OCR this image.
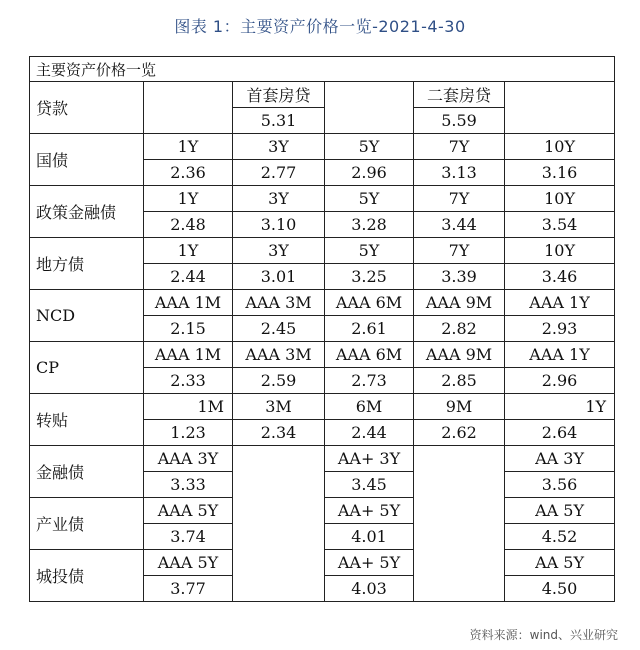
图表 1：主要资产价格一览-2021-4-30
主要资产价格一览					
贷款		首套房贷		二套房贷	
		5.31		5.59	
国债	1Y	3Y	5Y	7Y	10Y
	2.36	2.77	2.96	3.13	3.16
政策金融债	1Y	3Y	5Y	7Y	10Y
	2.48	3.10	3.28	3.44	3.54
地方债	1Y	3Y	5Y	7Y	10Y
	2.44	3.01	3.25	3.39	3.46
NCD	AAA 1M	AAA 3M	AAA 6M	AAA 9M	AAA 1Y
	2.15	2.45	2.61	2.82	2.93
CP	AAA 1M	AAA 3M	AAA 6M	AAA 9M	AAA 1Y
	2.33	2.59	2.73	2.85	2.96
转贴	1M	3M	6M	9M	1Y
	1.23	2.34	2.44	2.62	2.64
金融债	AAA 3Y		AA+ 3Y		AA 3Y
	3.33		3.45		3.56
产业债	AAA 5Y		AA+ 5Y		AA 5Y
	3.74		4.01		4.52
城投债	AAA 5Y		AA+ 5Y		AA 5Y
	3.77		4.03		4.50
资料来源：wind、兴业研究
